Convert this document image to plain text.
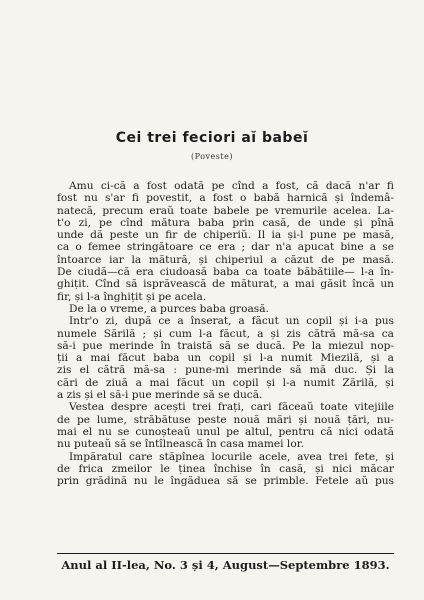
Cei trei feciori aĭ babeĭ
(Poveste)
Amu ci-că a fost odată pe cînd a fost, că dacă n'ar fi
fost nu s'ar fi povestit, a fost o babă harnică și îndemâ-
natecă, precum eraŭ toate babele pe vremurile acelea. La-
t'o zi, pe cînd mătura baba prin casă, de unde și pînă
unde dă peste un fir de chiperiŭ. Il ia și-l pune pe masă,
ca o femee stringătoare ce era ; dar n'a apucat bine a se
întoarce iar la mătură, și chiperiul a căzut de pe masă.
De ciudă—că era ciudoasă baba ca toate băbătiile— l-a în-
ghițit. Cînd să isprăvească de măturat, a mai găsit încă un
fir, și l-a înghițit și pe acela.
De la o vreme, a purces baba groasă.
Intr'o zi, după ce a înserat, a făcut un copil și i-a pus
numele Sărilă ; și cum l-a făcut, a și zis cătră mă-sa ca
să-i pue merinde în traistă să se ducă. Pe la miezul nop-
ții a mai făcut baba un copil și l-a numit Miezilă, și a
zis el cătră mă-sa : pune-mi merinde să mă duc. Și la
cări de ziuă a mai făcut un copil și l-a numit Zărilă, și
a zis și el să-i pue merinde să se ducă.
Vestea despre acești trei frați, cari făceaŭ toate vitejiile
de pe lume, străbătuse peste nouă mări și nouă țări, nu-
mai el nu se cunoșteaŭ unul pe altul, pentru că nici odată
nu puteaŭ să se întîlnească în casa mamei lor.
Impăratul care stăpînea locurile acele, avea trei fete, și
de frica zmeilor le ținea închise în casă, și nici măcar
prin grădină nu le îngăduea să se primble. Fetele aŭ pus
Anul al II-lea, No. 3 și 4, August—Septembre 1893.
